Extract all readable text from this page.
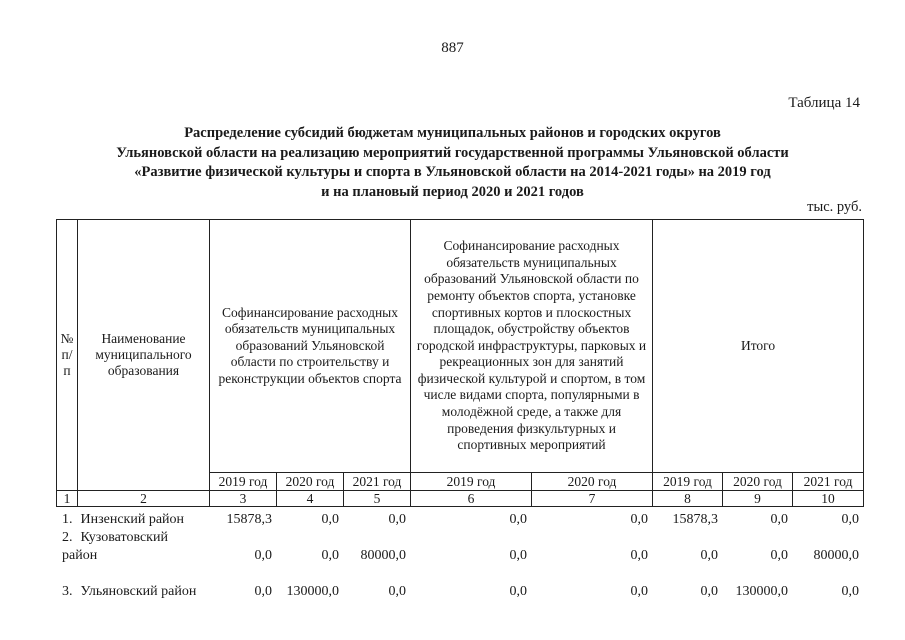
887
Таблица 14
Распределение субсидий бюджетам муниципальных районов и городских округов
Ульяновской области на реализацию мероприятий государственной программы Ульяновской области
«Развитие физической культуры и спорта в Ульяновской области на 2014-2021 годы» на 2019 год
и на плановый период 2020 и 2021 годов
тыс. руб.
№ п/п	Наименование муниципального образования	Софинансирование расходных обязательств муниципальных образований Ульяновской области по строительству и реконструкции объектов спорта			Софинансирование расходных обязательств муниципальных образований Ульяновской области по ремонту объектов спорта, установке спортивных кортов и плоскостных площадок, обустройству объектов городской инфраструктуры, парковых и рекреационных зон для занятий физической культурой и спортом, в том числе видами спорта, популярными в молодёжной среде, а также для проведения физкультурных и спортивных мероприятий		Итого		
		2019 год	2020 год	2021 год	2019 год	2020 год	2019 год	2020 год	2021 год
1	2	3	4	5	6	7	8	9	10
1. Инзенский район	15878,3	0,0	0,0	0,0	0,0	15878,3	0,0	0,0
2. Кузоватовский район	0,0	0,0	80000,0	0,0	0,0	0,0	0,0	80000,0
3. Ульяновский район	0,0	130000,0	0,0	0,0	0,0	0,0	130000,0	0,0
